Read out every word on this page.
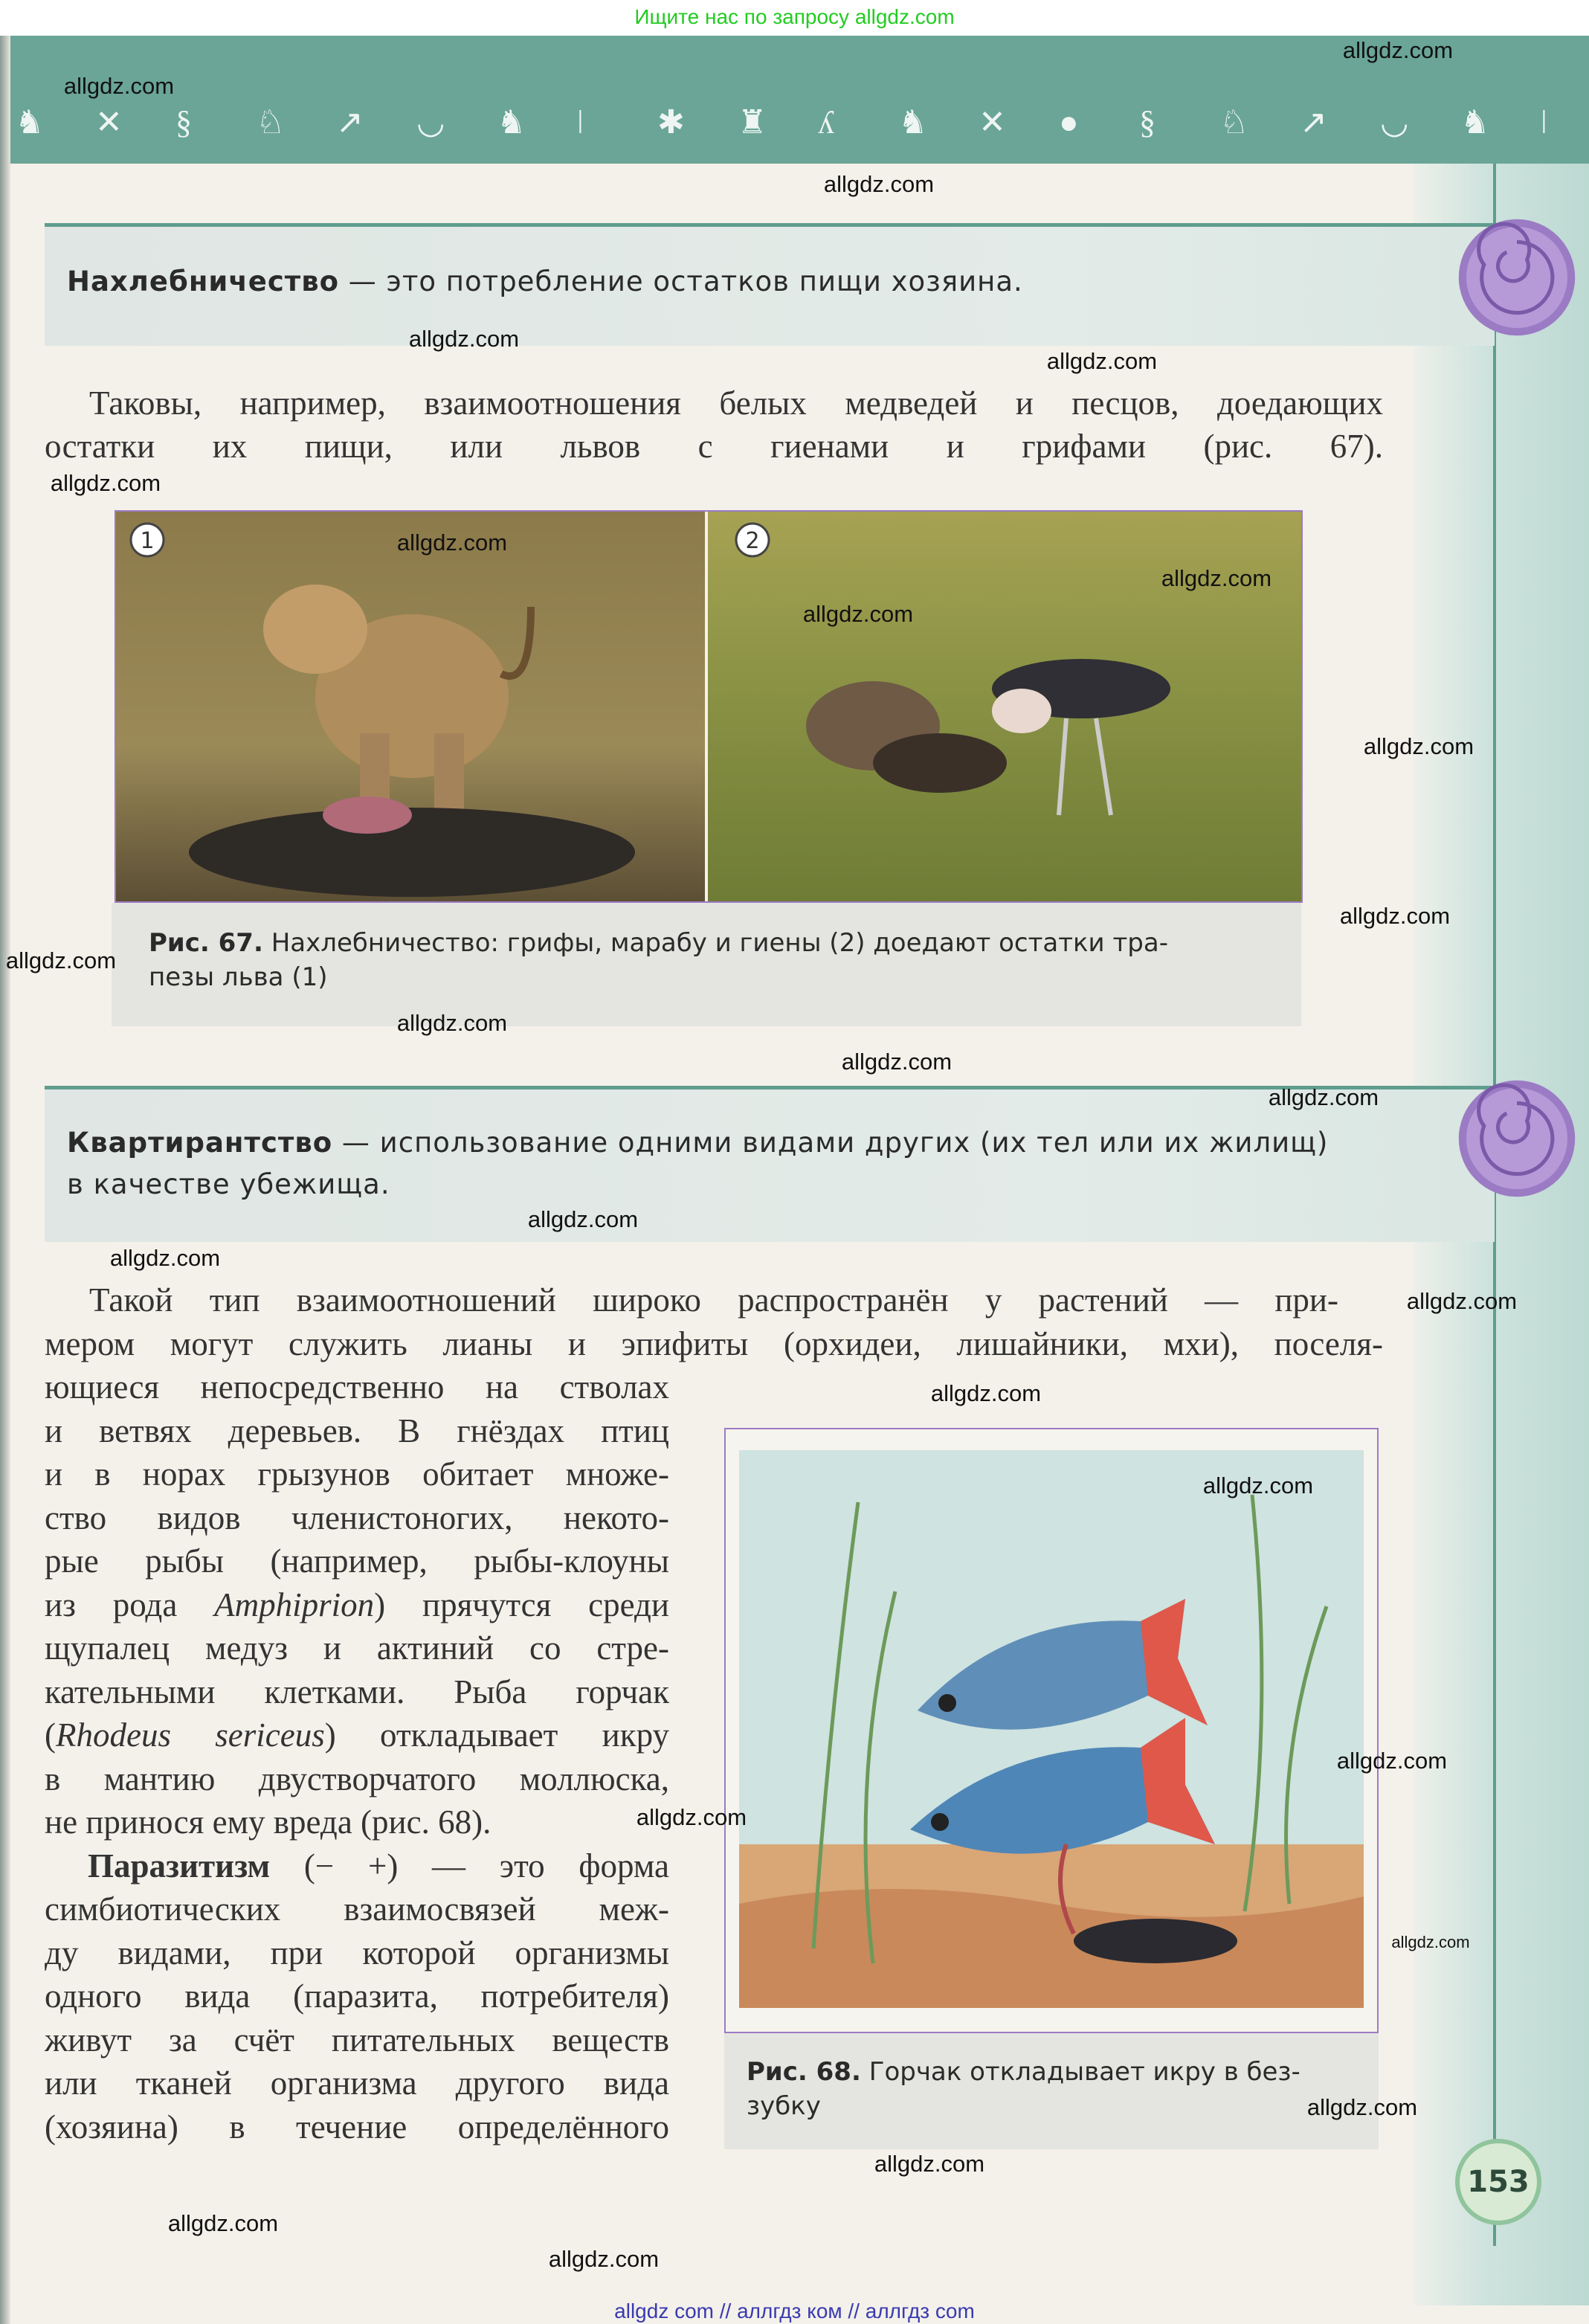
Ищите нас по запросу allgdz.com
♞ ✕ § ♘ ↗ ◡ ♞ ǀ ✱ ♜ ʎ ♞ ✕ ● § ♘ ↗ ◡ ♞ ǀ
Нахлебничество — это потребление остатков пищи хозяина.
Таковы, например, взаимоотношения белых медведей и песцов, доедающих
остатки их пищи, или львов с гиенами и грифами (рис. 67).
1	2
Рис. 67. Нахлебничество: грифы, марабу и гиены (2) доедают остатки тра-
пезы льва (1)
Квартирантство — использование одними видами других (их тел или их жилищ)
в качестве убежища.
Такой тип взаимоотношений широко распространён у растений — при-
мером могут служить лианы и эпифиты (орхидеи, лишайники, мхи), поселя-
ющиеся непосредственно на стволах
и ветвях деревьев. В гнёздах птиц
и в норах грызунов обитает множе-
ство видов членистоногих, некото-
рые рыбы (например, рыбы-клоуны
из рода Amphiprion) прячутся среди
щупалец медуз и актиний со стре-
кательными клетками. Рыба горчак
(Rhodeus sericeus) откладывает икру
в мантию двустворчатого моллюска,
не принося ему вреда (рис. 68).
Паразитизм (− +) — это форма
симбиотических взаимосвязей меж-
ду видами, при которой организмы
одного вида (паразита, потребителя)
живут за счёт питательных веществ
или тканей организма другого вида
(хозяина) в течение определённого
Рис. 68. Горчак откладывает икру в без-
зубку
153
allgdz com // аллгдз ком // аллгдз com
allgdz.com
allgdz.com
allgdz.com
allgdz.com
allgdz.com
allgdz.com
allgdz.com
allgdz.com
allgdz.com
allgdz.com
allgdz.com
allgdz.com
allgdz.com
allgdz.com
allgdz.com
allgdz.com
allgdz.com
allgdz.com
allgdz.com
allgdz.com
allgdz.com
allgdz.com
allgdz.com
allgdz.com
allgdz.com
allgdz.com
allgdz.com
